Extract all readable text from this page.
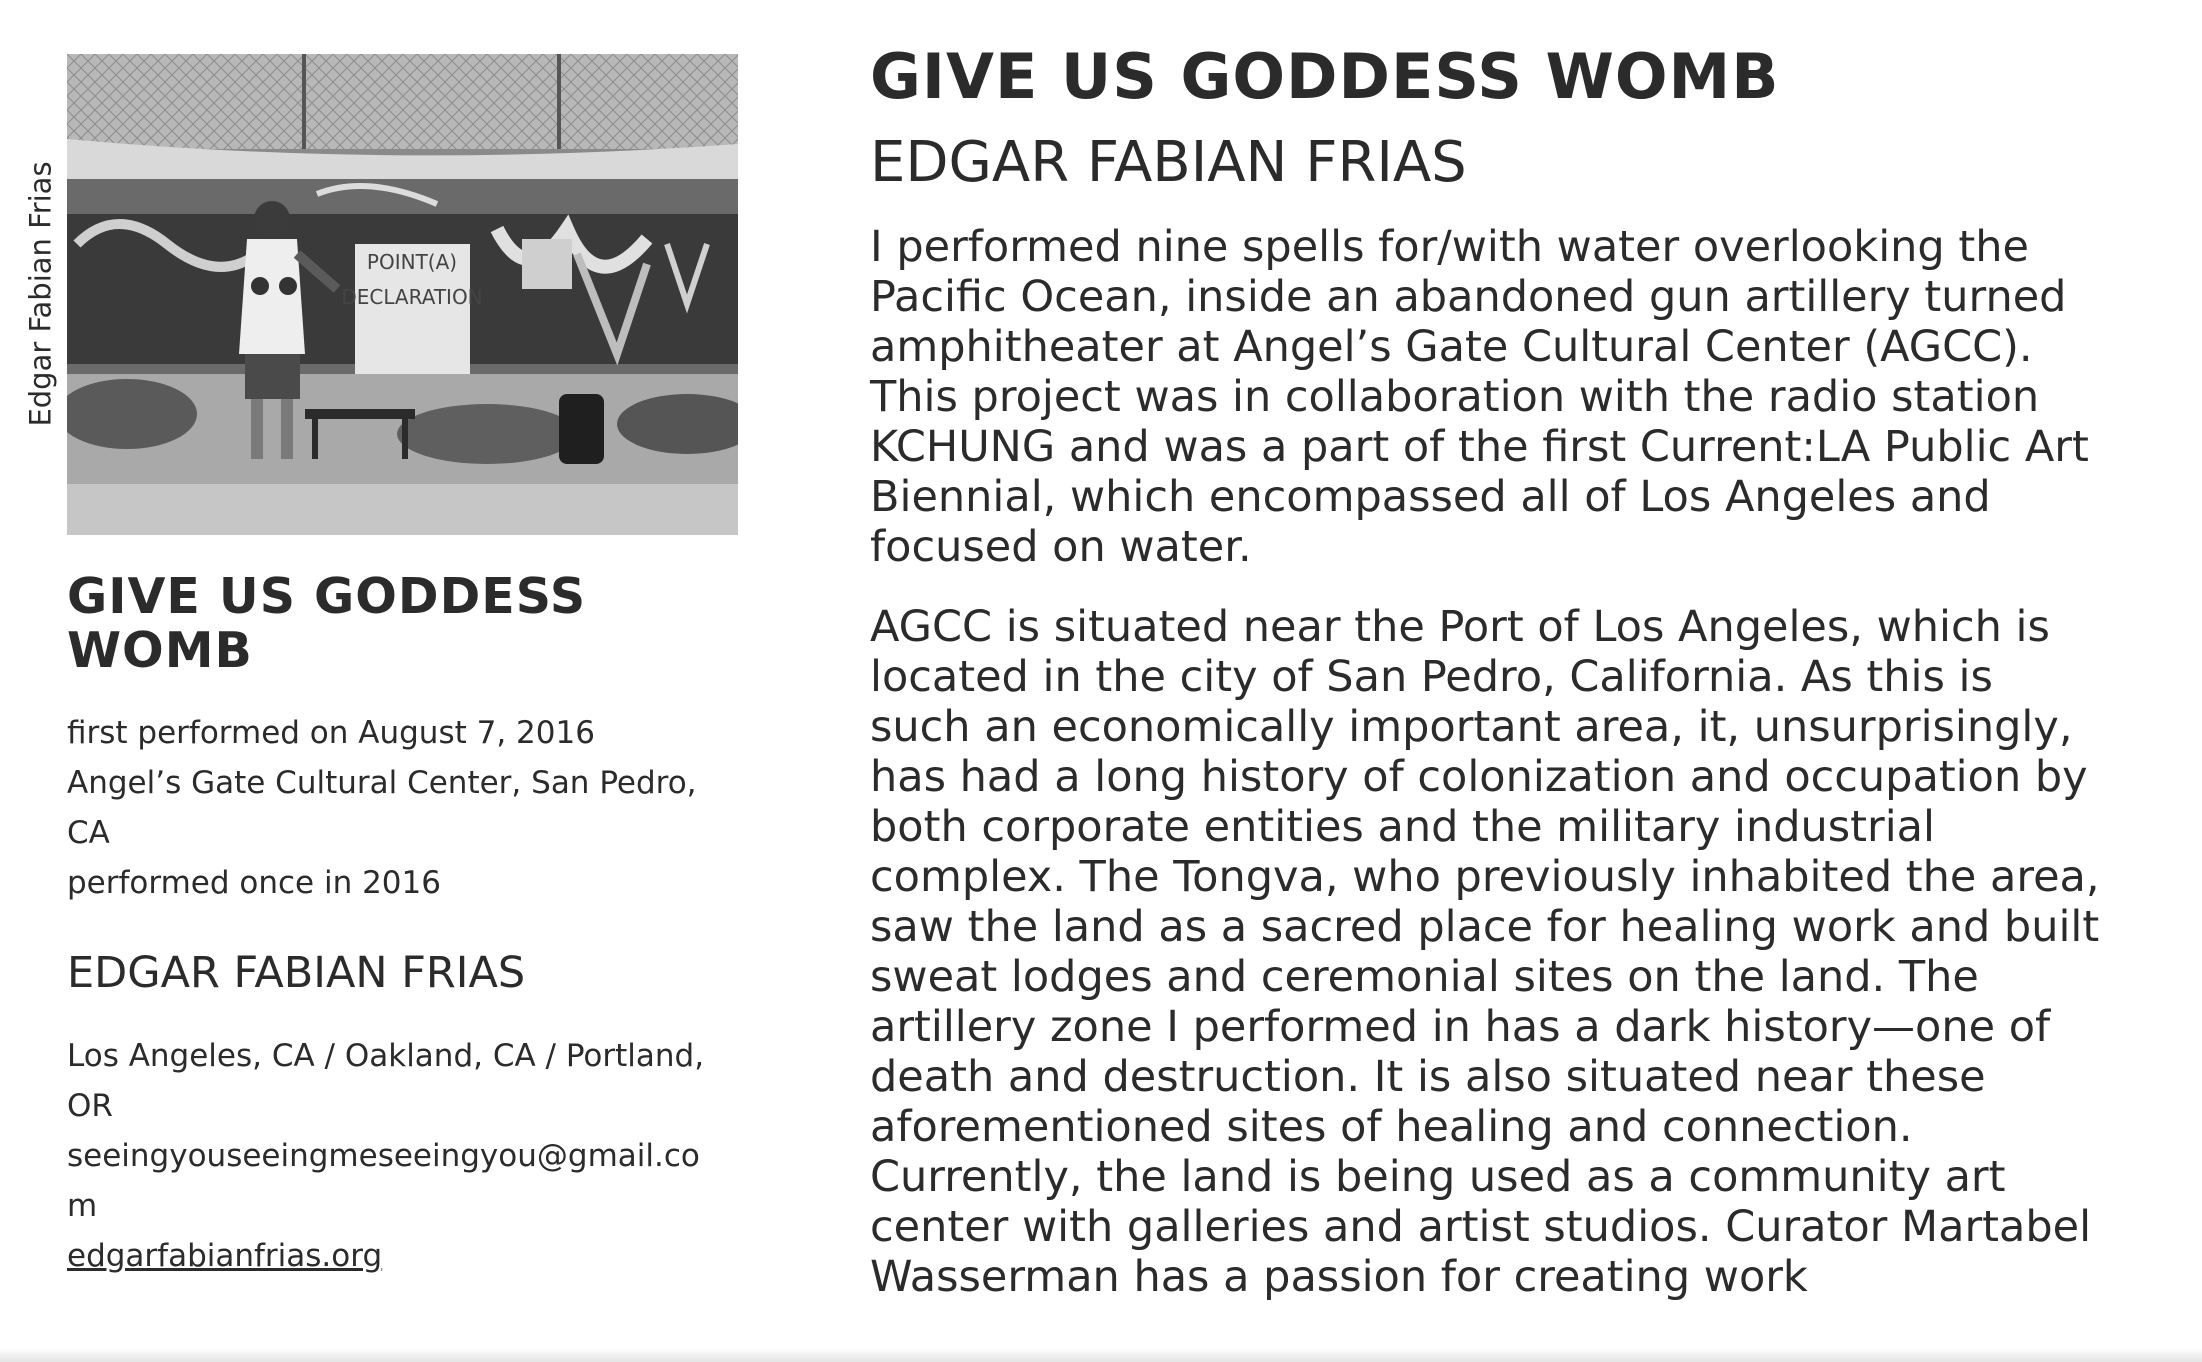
Edgar Fabian Frias	POINT(A)
DECLARATION
GIVE US GODDESS WOMB
first performed on August 7, 2016
Angel’s Gate Cultural Center, San Pedro, CA
performed once in 2016
EDGAR FABIAN FRIAS
Los Angeles, CA / Oakland, CA / Portland, OR
seeingyouseeingmeseeingyou@gmail.com
edgarfabianfrias.org
GIVE US GODDESS WOMB
EDGAR FABIAN FRIAS

I performed nine spells for/with water overlooking the Pacific Ocean, inside an abandoned gun artillery turned amphitheater at Angel’s Gate Cultural Center (AGCC). This project was in collaboration with the radio station KCHUNG and was a part of the first Current:LA Public Art Biennial, which encompassed all of Los Angeles and focused on water.

AGCC is situated near the Port of Los Angeles, which is located in the city of San Pedro, California. As this is such an economically important area, it, unsurprisingly, has had a long history of colonization and occupation by both corporate entities and the military industrial complex. The Tongva, who previously inhabited the area, saw the land as a sacred place for healing work and built sweat lodges and ceremonial sites on the land. The artillery zone I performed in has a dark history—one of death and destruction. It is also situated near these aforementioned sites of healing and connection. Currently, the land is being used as a community art center with galleries and artist studios. Curator Martabel Wasserman has a passion for creating work
